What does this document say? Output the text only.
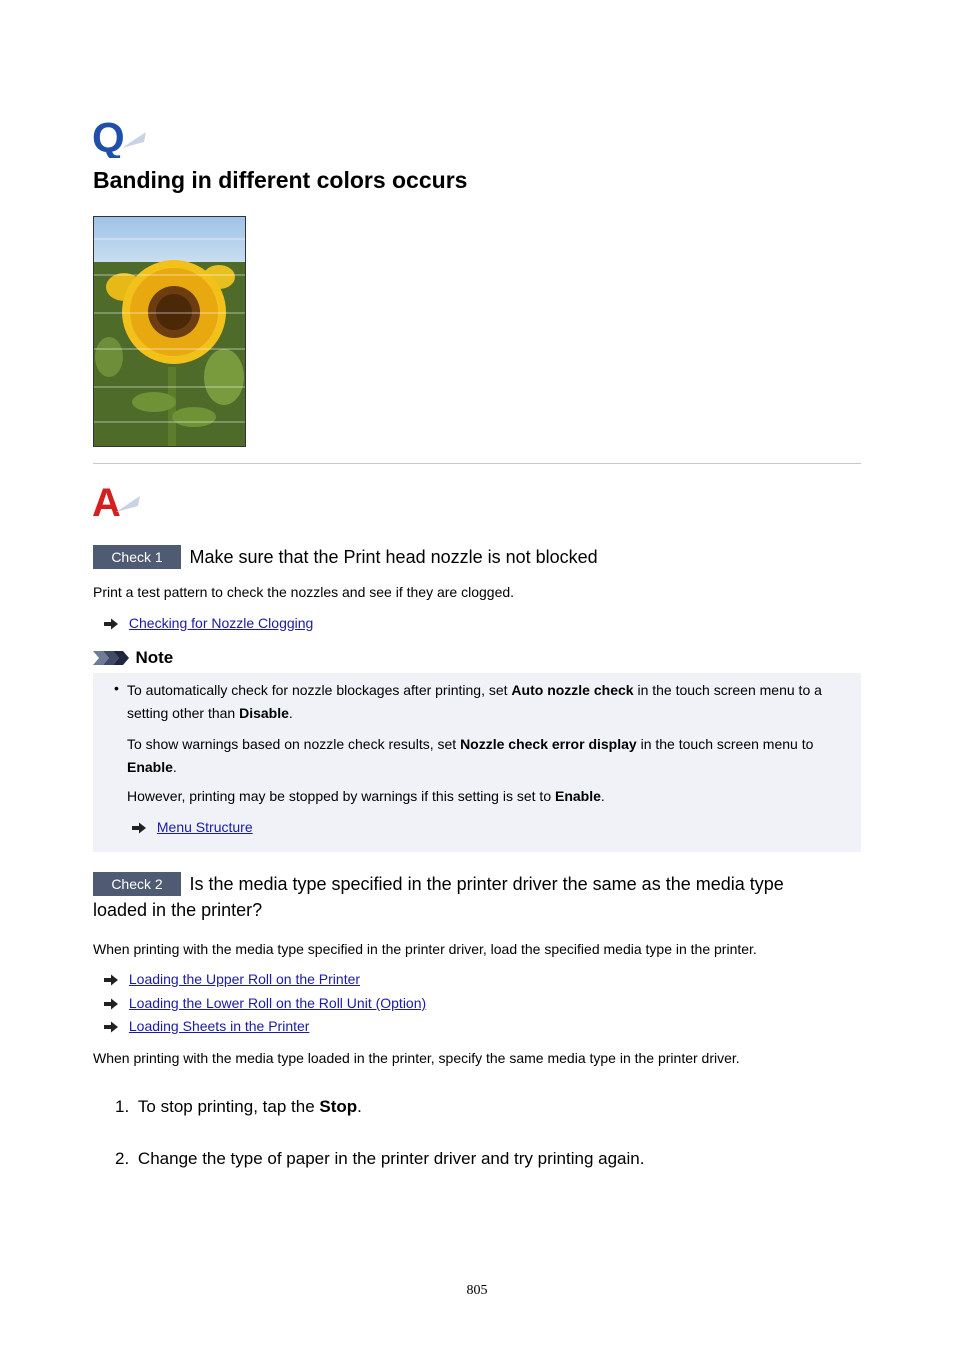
Q
Banding in different colors occurs
A
Check 1 Make sure that the Print head nozzle is not blocked
Print a test pattern to check the nozzles and see if they are clogged.
Checking for Nozzle Clogging
Note
• To automatically check for nozzle blockages after printing, set Auto nozzle check in the touch screen menu to a setting other than Disable.
To show warnings based on nozzle check results, set Nozzle check error display in the touch screen menu to Enable.
However, printing may be stopped by warnings if this setting is set to Enable.
Menu Structure
Check 2 Is the media type specified in the printer driver the same as the media type
loaded in the printer?
When printing with the media type specified in the printer driver, load the specified media type in the printer.
Loading the Upper Roll on the Printer
Loading the Lower Roll on the Roll Unit (Option)
Loading Sheets in the Printer
When printing with the media type loaded in the printer, specify the same media type in the printer driver.
1. To stop printing, tap the Stop.
2. Change the type of paper in the printer driver and try printing again.
805
